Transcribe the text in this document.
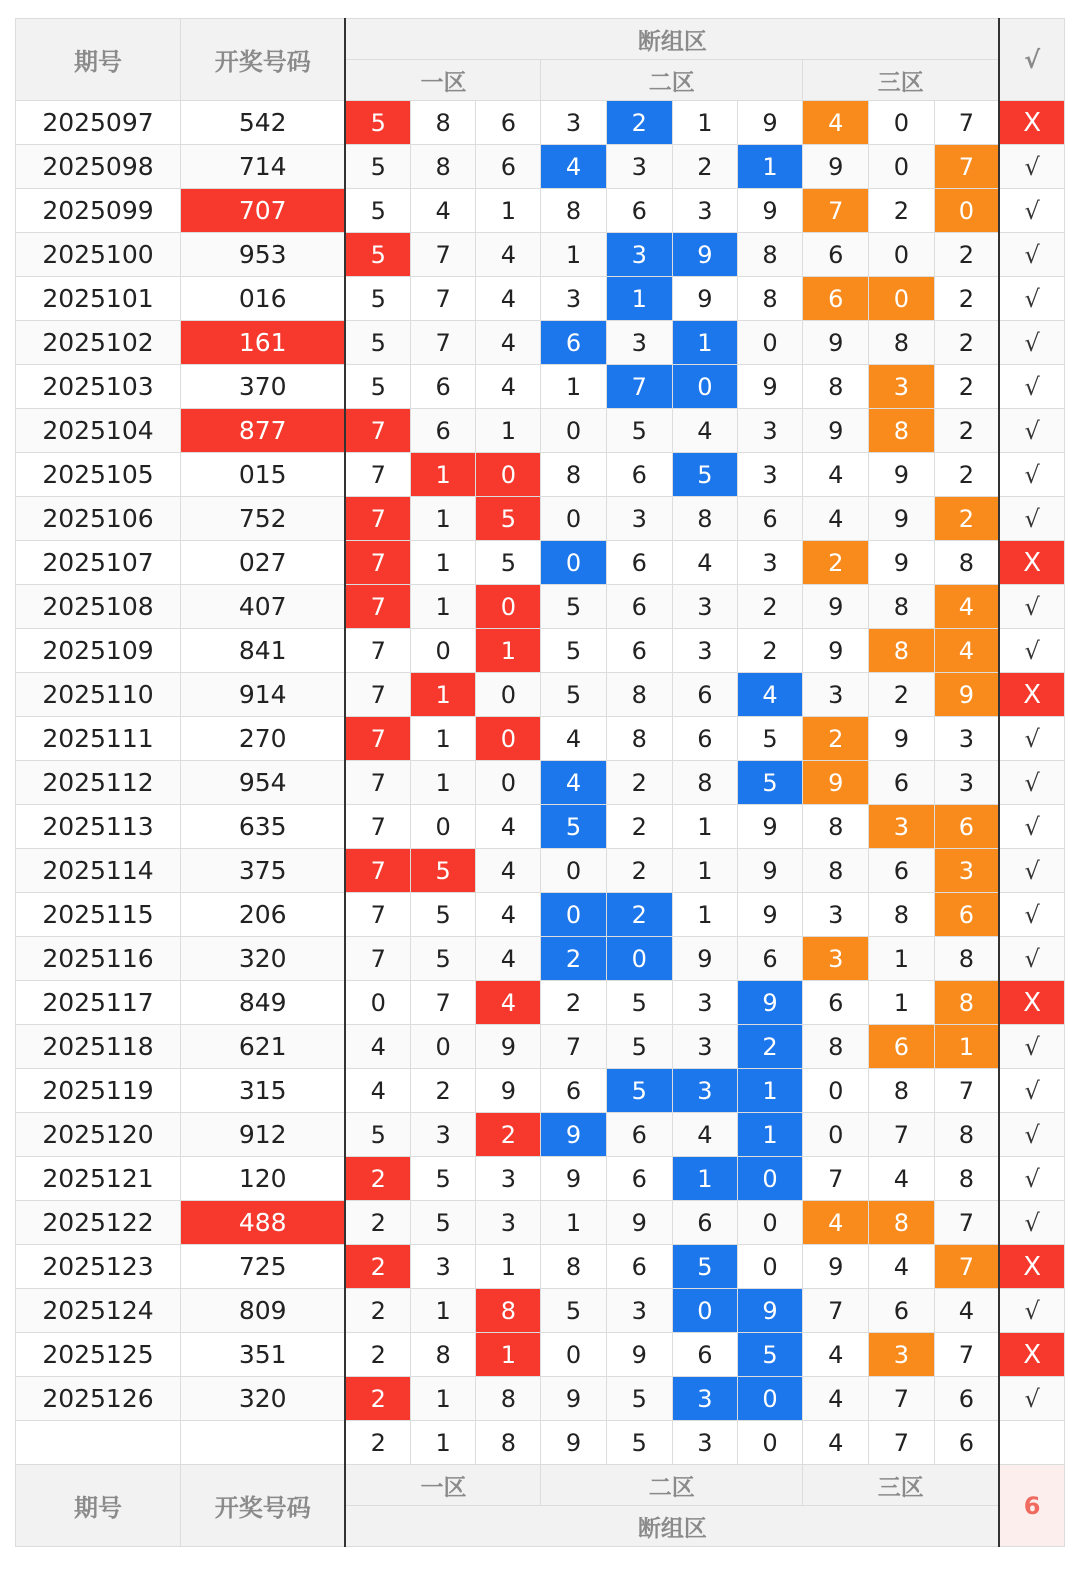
期号	开奖号码	断组区										√
		一区			二区				三区			
2025097	542	5	8	6	3	2	1	9	4	0	7	X
2025098	714	5	8	6	4	3	2	1	9	0	7	√
2025099	707	5	4	1	8	6	3	9	7	2	0	√
2025100	953	5	7	4	1	3	9	8	6	0	2	√
2025101	016	5	7	4	3	1	9	8	6	0	2	√
2025102	161	5	7	4	6	3	1	0	9	8	2	√
2025103	370	5	6	4	1	7	0	9	8	3	2	√
2025104	877	7	6	1	0	5	4	3	9	8	2	√
2025105	015	7	1	0	8	6	5	3	4	9	2	√
2025106	752	7	1	5	0	3	8	6	4	9	2	√
2025107	027	7	1	5	0	6	4	3	2	9	8	X
2025108	407	7	1	0	5	6	3	2	9	8	4	√
2025109	841	7	0	1	5	6	3	2	9	8	4	√
2025110	914	7	1	0	5	8	6	4	3	2	9	X
2025111	270	7	1	0	4	8	6	5	2	9	3	√
2025112	954	7	1	0	4	2	8	5	9	6	3	√
2025113	635	7	0	4	5	2	1	9	8	3	6	√
2025114	375	7	5	4	0	2	1	9	8	6	3	√
2025115	206	7	5	4	0	2	1	9	3	8	6	√
2025116	320	7	5	4	2	0	9	6	3	1	8	√
2025117	849	0	7	4	2	5	3	9	6	1	8	X
2025118	621	4	0	9	7	5	3	2	8	6	1	√
2025119	315	4	2	9	6	5	3	1	0	8	7	√
2025120	912	5	3	2	9	6	4	1	0	7	8	√
2025121	120	2	5	3	9	6	1	0	7	4	8	√
2025122	488	2	5	3	1	9	6	0	4	8	7	√
2025123	725	2	3	1	8	6	5	0	9	4	7	X
2025124	809	2	1	8	5	3	0	9	7	6	4	√
2025125	351	2	8	1	0	9	6	5	4	3	7	X
2025126	320	2	1	8	9	5	3	0	4	7	6	√
		2	1	8	9	5	3	0	4	7	6	
期号	开奖号码	一区			二区				三区			6
		断组区										
